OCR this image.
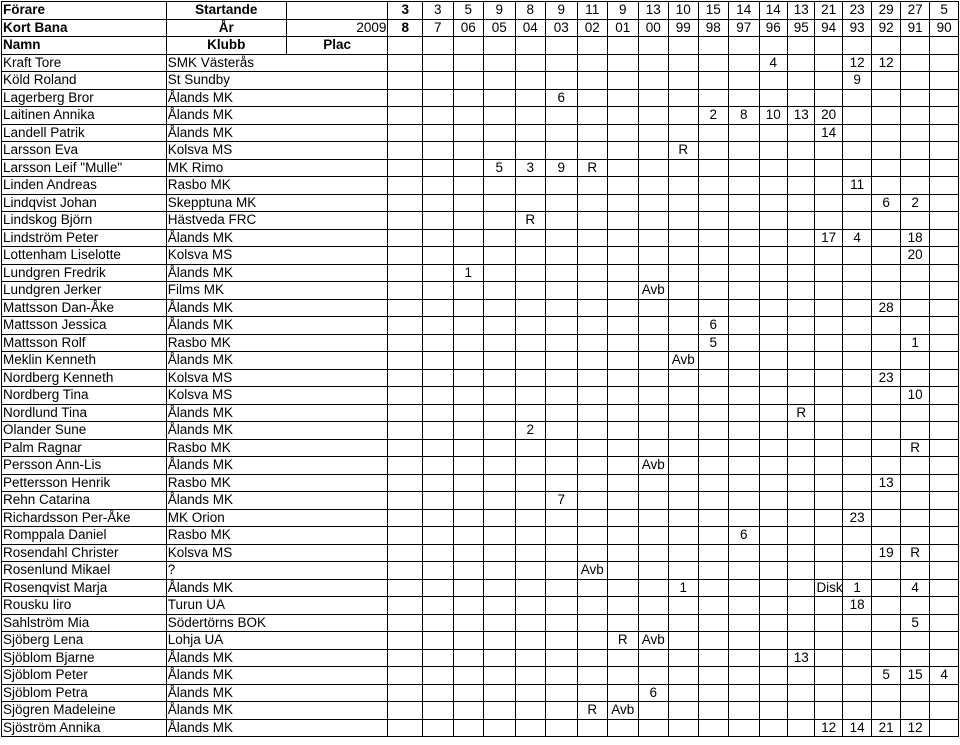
Förare	Startande		3	3	5	9	8	9	11	9	13	10	15	14	14	13	21	23	29	27	5
Kort Bana	År	2009	8	7	06	05	04	03	02	01	00	99	98	97	96	95	94	93	92	91	90
Namn	Klubb	Plac																			
Kraft Tore	SMK Västerås														4			12	12		
Köld Roland	St Sundby																	9			
Lagerberg Bror	Ålands MK							6													
Laitinen Annika	Ålands MK												2	8	10	13	20				
Landell Patrik	Ålands MK																14				
Larsson Eva	Kolsva MS											R									
Larsson Leif "Mulle"	MK Rimo					5	3	9	R												
Linden Andreas	Rasbo MK																	11			
Lindqvist Johan	Skepptuna MK																		6	2	
Lindskog Björn	Hästveda FRC						R														
Lindström Peter	Ålands MK																17	4		18	
Lottenham Liselotte	Kolsva MS																			20	
Lundgren Fredrik	Ålands MK				1																
Lundgren Jerker	Films MK										Avb										
Mattsson Dan-Åke	Ålands MK																		28		
Mattsson Jessica	Ålands MK												6								
Mattsson Rolf	Rasbo MK												5							1	
Meklin Kenneth	Ålands MK											Avb									
Nordberg Kenneth	Kolsva MS																		23		
Nordberg Tina	Kolsva MS																			10	
Nordlund Tina	Ålands MK															R					
Olander Sune	Ålands MK						2														
Palm Ragnar	Rasbo MK																			R	
Persson Ann-Lis	Ålands MK										Avb										
Pettersson Henrik	Rasbo MK																		13		
Rehn Catarina	Ålands MK							7													
Richardsson Per-Åke	MK Orion																	23			
Romppala Daniel	Rasbo MK													6							
Rosendahl Christer	Kolsva MS																		19	R	
Rosenlund Mikael	?								Avb												
Rosenqvist Marja	Ålands MK											1					Disk	1		4	
Rousku Iiro	Turun UA																	18			
Sahlström Mia	Södertörns BOK																			5	
Sjöberg Lena	Lohja UA									R	Avb										
Sjöblom Bjarne	Ålands MK															13					
Sjöblom Peter	Ålands MK																		5	15	4
Sjöblom Petra	Ålands MK										6										
Sjögren Madeleine	Ålands MK								R	Avb											
Sjöström Annika	Ålands MK																12	14	21	12	
